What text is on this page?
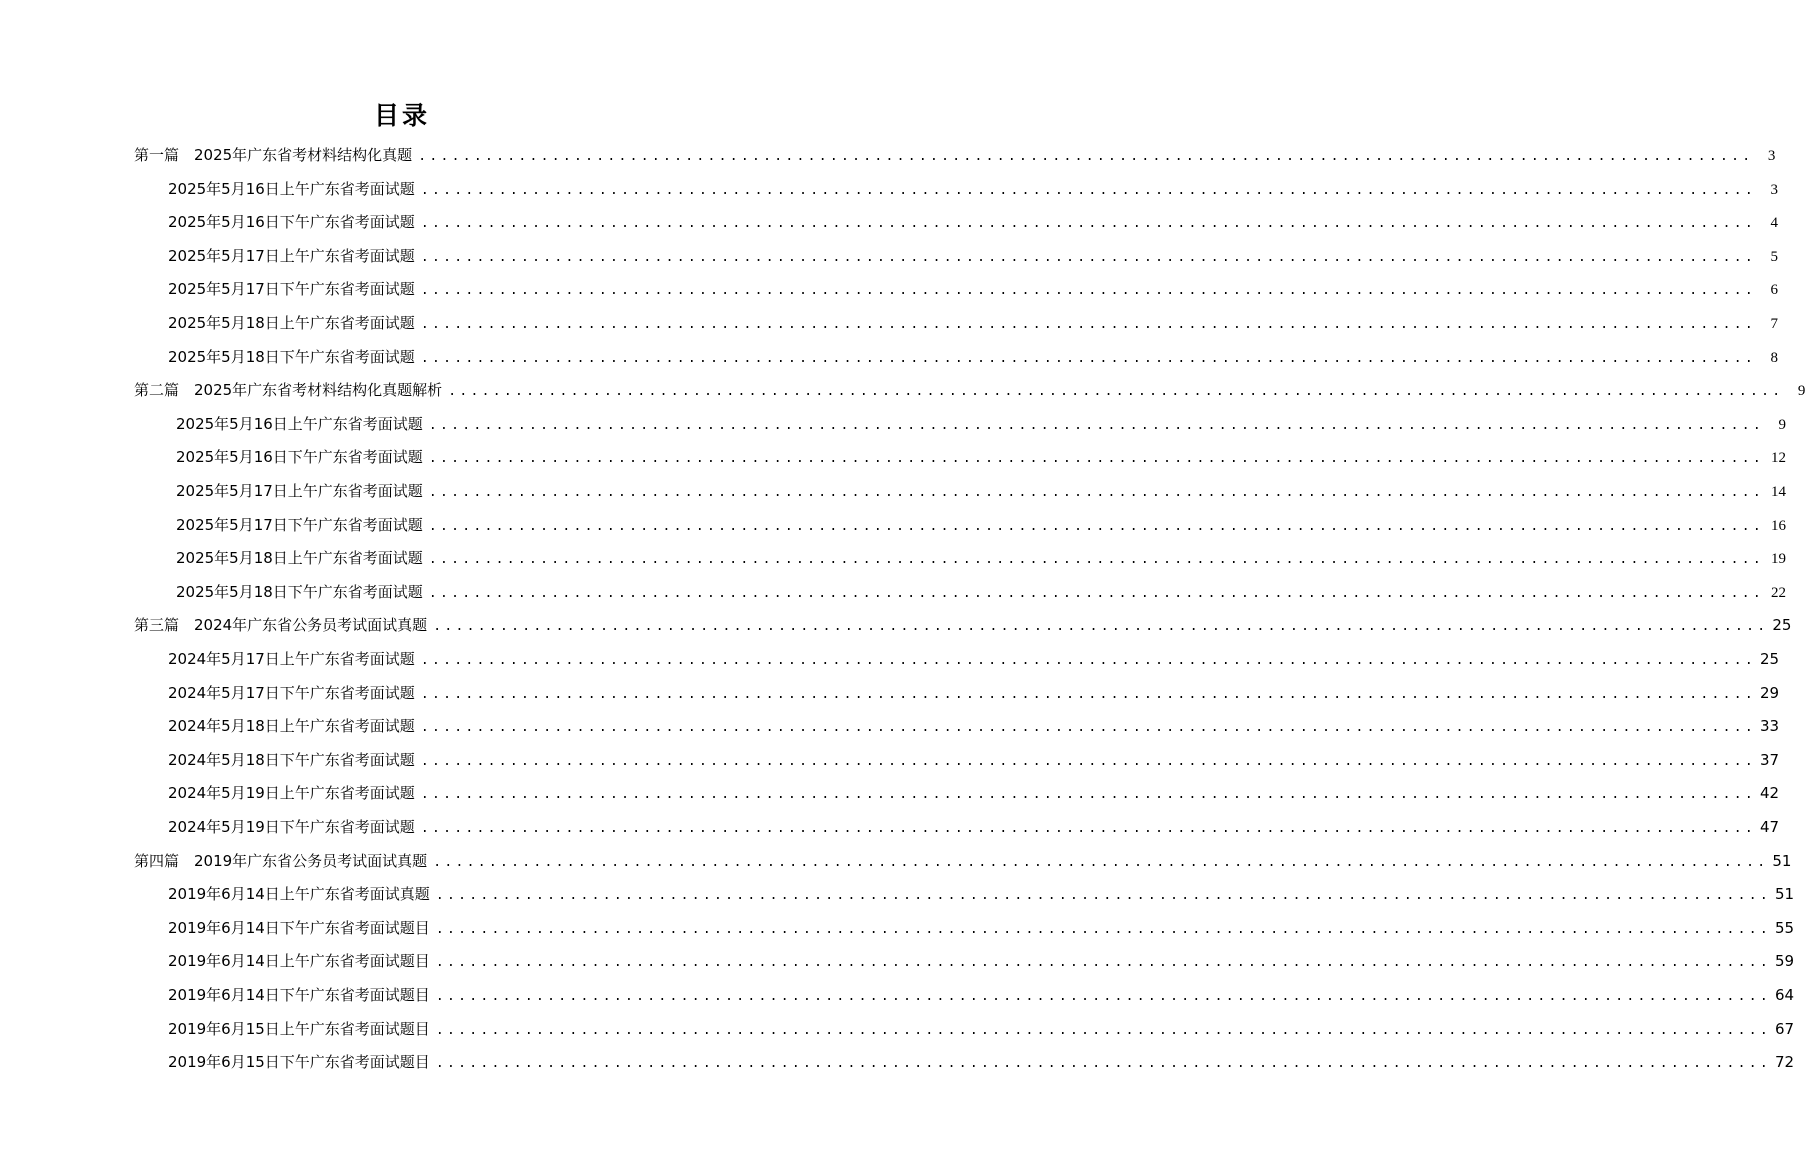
目录
第一篇　2025年广东省考材料结构化真题 ........................................................................................................................ 3
2025年5月16日上午广东省考面试题 ........................................................................................................................ 3
2025年5月16日下午广东省考面试题 ........................................................................................................................ 4
2025年5月17日上午广东省考面试题 ........................................................................................................................ 5
2025年5月17日下午广东省考面试题 ........................................................................................................................ 6
2025年5月18日上午广东省考面试题 ........................................................................................................................ 7
2025年5月18日下午广东省考面试题 ........................................................................................................................ 8
第二篇　2025年广东省考材料结构化真题解析 ........................................................................................................................ 9
2025年5月16日上午广东省考面试题 ........................................................................................................................ 9
2025年5月16日下午广东省考面试题 ........................................................................................................................ 12
2025年5月17日上午广东省考面试题 ........................................................................................................................ 14
2025年5月17日下午广东省考面试题 ........................................................................................................................ 16
2025年5月18日上午广东省考面试题 ........................................................................................................................ 19
2025年5月18日下午广东省考面试题 ........................................................................................................................ 22
第三篇　2024年广东省公务员考试面试真题 ........................................................................................................................ 25
2024年5月17日上午广东省考面试题 ........................................................................................................................ 25
2024年5月17日下午广东省考面试题 ........................................................................................................................ 29
2024年5月18日上午广东省考面试题 ........................................................................................................................ 33
2024年5月18日下午广东省考面试题 ........................................................................................................................ 37
2024年5月19日上午广东省考面试题 ........................................................................................................................ 42
2024年5月19日下午广东省考面试题 ........................................................................................................................ 47
第四篇　2019年广东省公务员考试面试真题 ........................................................................................................................ 51
2019年6月14日上午广东省考面试真题 ........................................................................................................................ 51
2019年6月14日下午广东省考面试题目 ........................................................................................................................ 55
2019年6月14日上午广东省考面试题目 ........................................................................................................................ 59
2019年6月14日下午广东省考面试题目 ........................................................................................................................ 64
2019年6月15日上午广东省考面试题目 ........................................................................................................................ 67
2019年6月15日下午广东省考面试题目 ........................................................................................................................ 72
